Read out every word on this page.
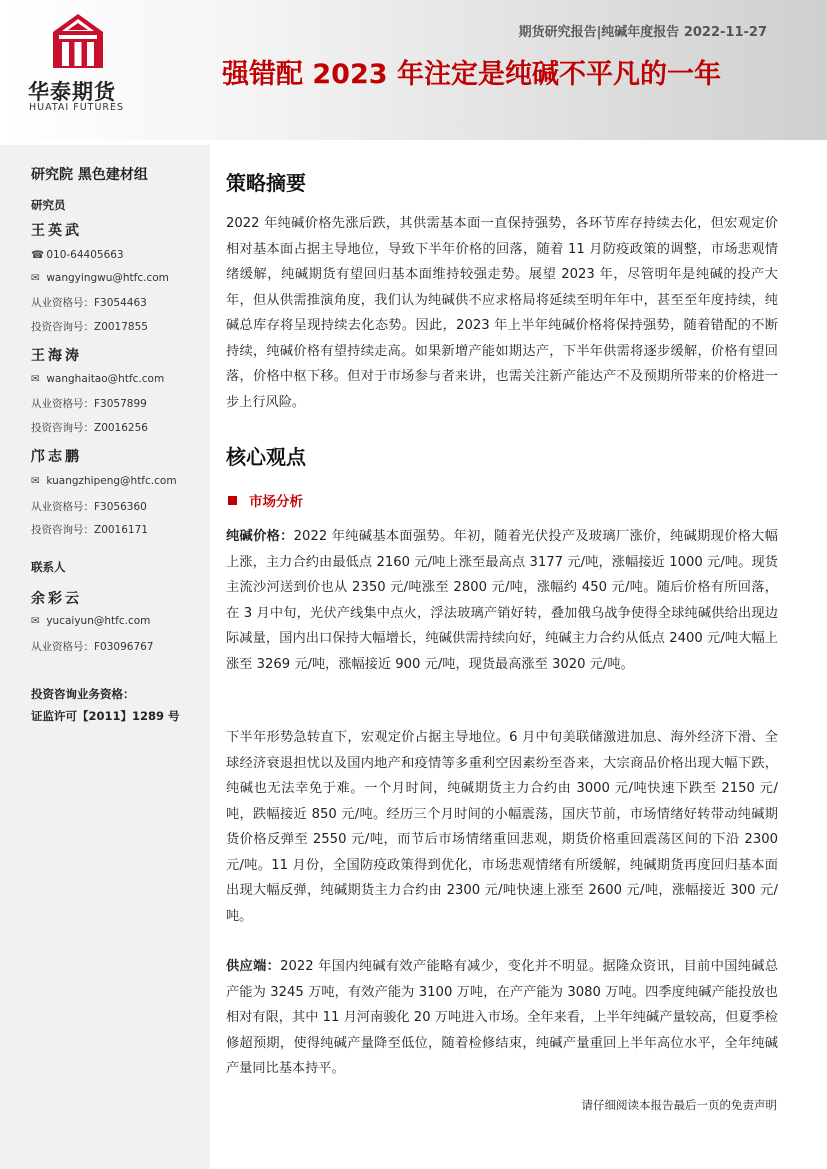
华泰期货
HUATAI FUTURES
期货研究报告|纯碱年度报告 2022-11-27
强错配 2023 年注定是纯碱不平凡的一年
研究院 黑色建材组
研究员
王英武
☎ 010-64405663
✉ wangyingwu@htfc.com
从业资格号：F3054463
投资咨询号：Z0017855
王海涛
✉ wanghaitao@htfc.com
从业资格号：F3057899
投资咨询号：Z0016256
邝志鹏
✉ kuangzhipeng@htfc.com
从业资格号：F3056360
投资咨询号：Z0016171
联系人
余彩云
✉ yucaiyun@htfc.com
从业资格号：F03096767
投资咨询业务资格：
证监许可【2011】1289 号
策略摘要

2022 年纯碱价格先涨后跌，其供需基本面一直保持强势，各环节库存持续去化，但宏观定价相对基本面占据主导地位，导致下半年价格的回落，随着 11 月防疫政策的调整，市场悲观情绪缓解，纯碱期货有望回归基本面维持较强走势。展望 2023 年，尽管明年是纯碱的投产大年，但从供需推演角度，我们认为纯碱供不应求格局将延续至明年年中，甚至至年度持续，纯碱总库存将呈现持续去化态势。因此，2023 年上半年纯碱价格将保持强势，随着错配的不断持续，纯碱价格有望持续走高。如果新增产能如期达产，下半年供需将逐步缓解，价格有望回落，价格中枢下移。但对于市场参与者来讲，也需关注新产能达产不及预期所带来的价格进一步上行风险。

核心观点
市场分析

纯碱价格：2022 年纯碱基本面强势。年初，随着光伏投产及玻璃厂涨价，纯碱期现价格大幅上涨，主力合约由最低点 2160 元/吨上涨至最高点 3177 元/吨，涨幅接近 1000 元/吨。现货主流沙河送到价也从 2350 元/吨涨至 2800 元/吨，涨幅约 450 元/吨。随后价格有所回落，在 3 月中旬，光伏产线集中点火，浮法玻璃产销好转，叠加俄乌战争使得全球纯碱供给出现边际减量，国内出口保持大幅增长，纯碱供需持续向好，纯碱主力合约从低点 2400 元/吨大幅上涨至 3269 元/吨，涨幅接近 900 元/吨，现货最高涨至 3020 元/吨。

下半年形势急转直下，宏观定价占据主导地位。6 月中旬美联储激进加息、海外经济下滑、全球经济衰退担忧以及国内地产和疫情等多重利空因素纷至沓来，大宗商品价格出现大幅下跌，纯碱也无法幸免于难。一个月时间，纯碱期货主力合约由 3000 元/吨快速下跌至 2150 元/吨，跌幅接近 850 元/吨。经历三个月时间的小幅震荡，国庆节前，市场情绪好转带动纯碱期货价格反弹至 2550 元/吨，而节后市场情绪重回悲观，期货价格重回震荡区间的下沿 2300 元/吨。11 月份，全国防疫政策得到优化，市场悲观情绪有所缓解，纯碱期货再度回归基本面出现大幅反弹，纯碱期货主力合约由 2300 元/吨快速上涨至 2600 元/吨，涨幅接近 300 元/吨。

供应端：2022 年国内纯碱有效产能略有减少，变化并不明显。据隆众资讯，目前中国纯碱总产能为 3245 万吨，有效产能为 3100 万吨，在产产能为 3080 万吨。四季度纯碱产能投放也相对有限，其中 11 月河南骏化 20 万吨进入市场。全年来看，上半年纯碱产量较高，但夏季检修超预期，使得纯碱产量降至低位，随着检修结束，纯碱产量重回上半年高位水平，全年纯碱产量同比基本持平。

请仔细阅读本报告最后一页的免责声明
